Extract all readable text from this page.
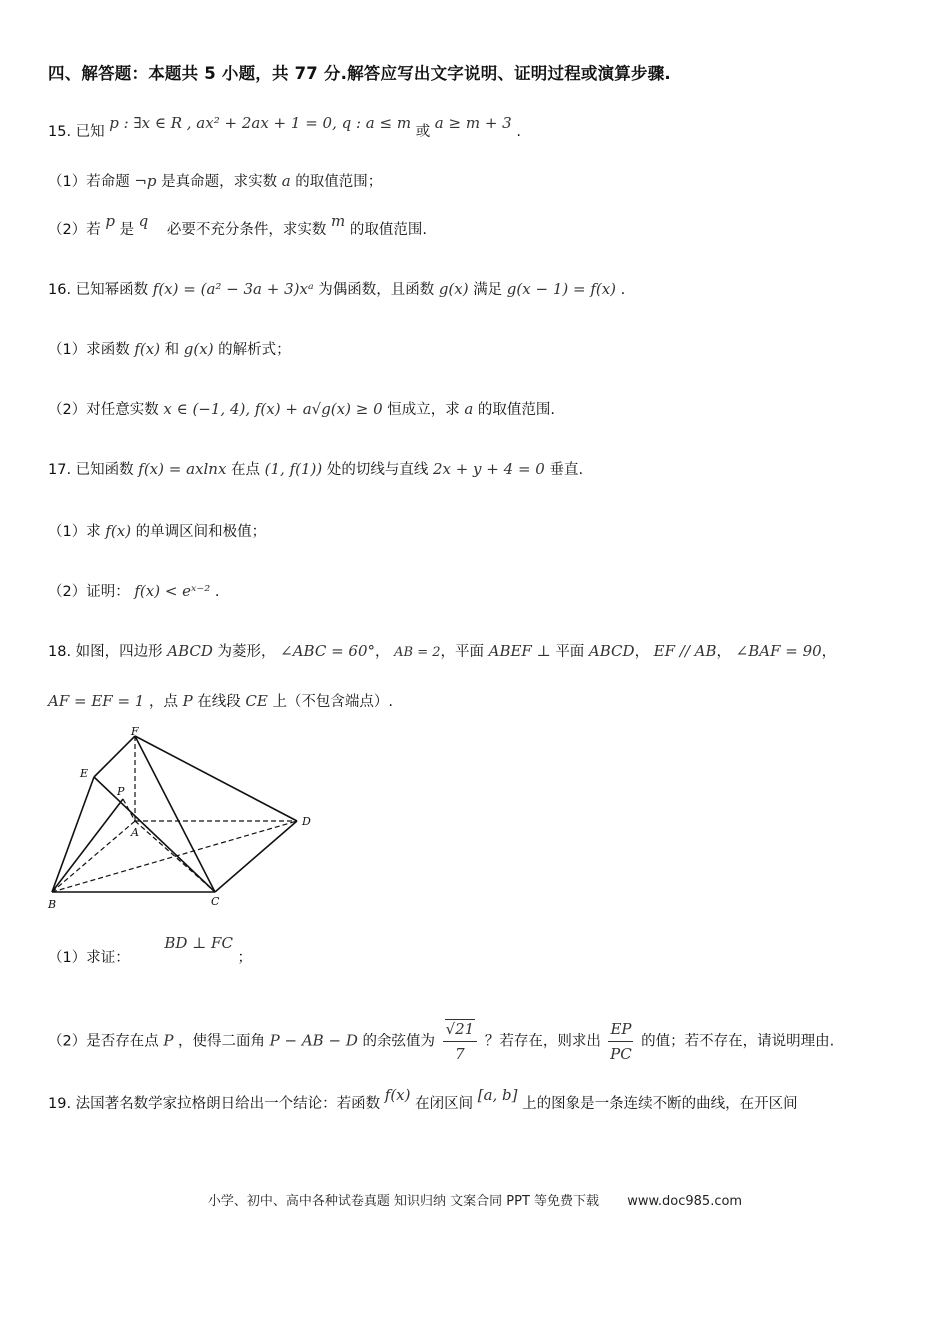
四、解答题：本题共 5 小题，共 77 分.解答应写出文字说明、证明过程或演算步骤.
15. 已知 p : ∃x ∈ R , ax² + 2ax + 1 = 0, q : a ≤ m 或 a ≥ m + 3 .
（1）若命题 ¬p 是真命题，求实数 a 的取值范围；
（2）若 p 是 q 必要不充分条件，求实数 m 的取值范围.
16. 已知幂函数 f(x) = (a² − 3a + 3)xᵃ 为偶函数，且函数 g(x) 满足 g(x − 1) = f(x) .
（1）求函数 f(x) 和 g(x) 的解析式；
（2）对任意实数 x ∈ (−1, 4), f(x) + a√g(x) ≥ 0 恒成立，求 a 的取值范围.
17. 已知函数 f(x) = axlnx 在点 (1, f(1)) 处的切线与直线 2x + y + 4 = 0 垂直.
（1）求 f(x) 的单调区间和极值；
（2）证明： f(x) < eˣ⁻² .
18. 如图，四边形 ABCD 为菱形， ∠ABC = 60°， AB = 2，平面 ABEF ⊥ 平面 ABCD， EF // AB， ∠BAF = 90，
AF = EF = 1 ，点 P 在线段 CE 上（不包含端点）.
F
E
P
A
D
B	C
（1）求证： BD ⊥ FC ；
（2）是否存在点 P ，使得二面角 P − AB − D 的余弦值为 $\frac{√21}{7}$ ？若存在，则求出 $\frac{EP}{PC}$ 的值；若不存在，请说明理由.
19. 法国著名数学家拉格朗日给出一个结论：若函数 f(x) 在闭区间 [a, b] 上的图象是一条连续不断的曲线，在开区间
小学、初中、高中各种试卷真题 知识归纳 文案合同 PPT 等免费下载 www.doc985.com
